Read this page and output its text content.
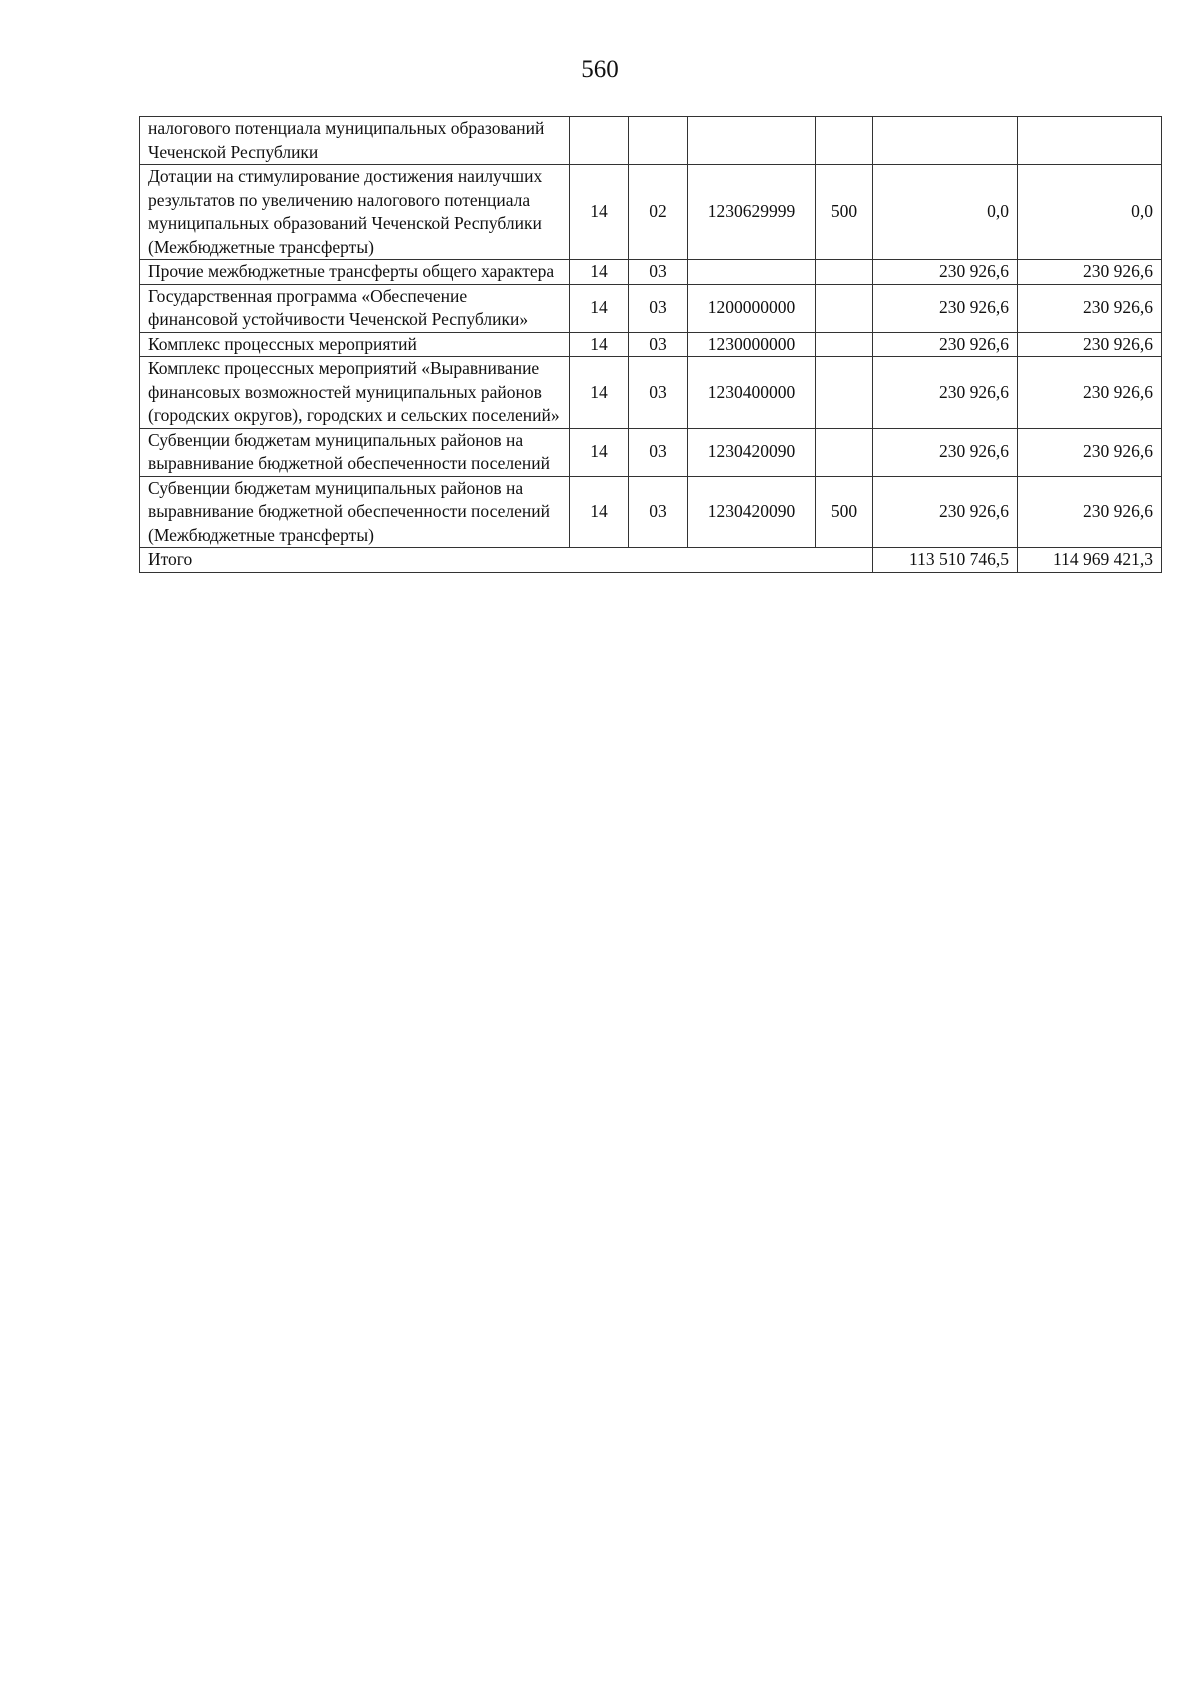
560
налогового потенциала муниципальных образований Чеченской Республики						
Дотации на стимулирование достижения наилучших результатов по увеличению налогового потенциала муниципальных образований Чеченской Республики (Межбюджетные трансферты)	14	02	1230629999	500	0,0	0,0
Прочие межбюджетные трансферты общего характера	14	03			230 926,6	230 926,6
Государственная программа «Обеспечение финансовой устойчивости Чеченской Республики»	14	03	1200000000		230 926,6	230 926,6
Комплекс процессных мероприятий	14	03	1230000000		230 926,6	230 926,6
Комплекс процессных мероприятий «Выравнивание финансовых возможностей муниципальных районов (городских округов), городских и сельских поселений»	14	03	1230400000		230 926,6	230 926,6
Субвенции бюджетам муниципальных районов на выравнивание бюджетной обеспеченности поселений	14	03	1230420090		230 926,6	230 926,6
Субвенции бюджетам муниципальных районов на выравнивание бюджетной обеспеченности поселений (Межбюджетные трансферты)	14	03	1230420090	500	230 926,6	230 926,6
Итого					113 510 746,5	114 969 421,3
